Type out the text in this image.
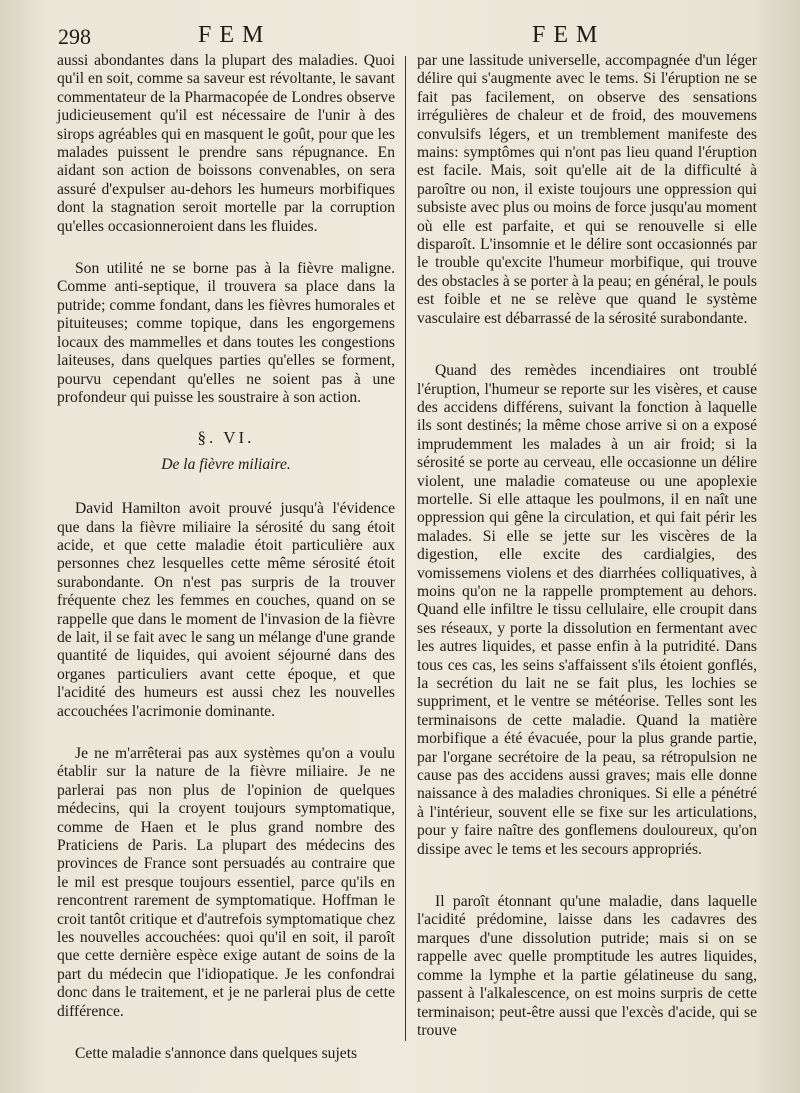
298	FEM	FEM

aussi abondantes dans la plupart des maladies. Quoi qu'il en soit, comme sa saveur est révoltante, le savant commentateur de la Pharmacopée de Londres observe judicieusement qu'il est nécessaire de l'unir à des sirops agréables qui en masquent le goût, pour que les malades puissent le prendre sans répugnance. En aidant son action de boissons convenables, on sera assuré d'expulser au-dehors les humeurs morbifiques dont la stagnation seroit mortelle par la corruption qu'elles occasionneroient dans les fluides.

Son utilité ne se borne pas à la fièvre maligne. Comme anti-septique, il trouvera sa place dans la putride; comme fondant, dans les fièvres humorales et pituiteuses; comme topique, dans les engorgemens locaux des mammelles et dans toutes les congestions laiteuses, dans quelques parties qu'elles se forment, pourvu cependant qu'elles ne soient pas à une profondeur qui puisse les soustraire à son action.

§. VI.
De la fièvre miliaire.

David Hamilton avoit prouvé jusqu'à l'évidence que dans la fièvre miliaire la sérosité du sang étoit acide, et que cette maladie étoit particulière aux personnes chez lesquelles cette même sérosité étoit surabondante. On n'est pas surpris de la trouver fréquente chez les femmes en couches, quand on se rappelle que dans le moment de l'invasion de la fièvre de lait, il se fait avec le sang un mélange d'une grande quantité de liquides, qui avoient séjourné dans des organes particuliers avant cette époque, et que l'acidité des humeurs est aussi chez les nouvelles accouchées l'acrimonie dominante.

Je ne m'arrêterai pas aux systèmes qu'on a voulu établir sur la nature de la fièvre miliaire. Je ne parlerai pas non plus de l'opinion de quelques médecins, qui la croyent toujours symptomatique, comme de Haen et le plus grand nombre des Praticiens de Paris. La plupart des médecins des provinces de France sont persuadés au contraire que le mil est presque toujours essentiel, parce qu'ils en rencontrent rarement de symptomatique. Hoffman le croit tantôt critique et d'autrefois symptomatique chez les nouvelles accouchées: quoi qu'il en soit, il paroît que cette dernière espèce exige autant de soins de la part du médecin que l'idiopatique. Je les confondrai donc dans le traitement, et je ne parlerai plus de cette différence.

Cette maladie s'annonce dans quelques sujets

par une lassitude universelle, accompagnée d'un léger délire qui s'augmente avec le tems. Si l'éruption ne se fait pas facilement, on observe des sensations irrégulières de chaleur et de froid, des mouvemens convulsifs légers, et un tremblement manifeste des mains: symptômes qui n'ont pas lieu quand l'éruption est facile. Mais, soit qu'elle ait de la difficulté à paroître ou non, il existe toujours une oppression qui subsiste avec plus ou moins de force jusqu'au moment où elle est parfaite, et qui se renouvelle si elle disparoît. L'insomnie et le délire sont occasionnés par le trouble qu'excite l'humeur morbifique, qui trouve des obstacles à se porter à la peau; en général, le pouls est foible et ne se relève que quand le système vasculaire est débarrassé de la sérosité surabondante.

Quand des remèdes incendiaires ont troublé l'éruption, l'humeur se reporte sur les visères, et cause des accidens différens, suivant la fonction à laquelle ils sont destinés; la même chose arrive si on a exposé imprudemment les malades à un air froid; si la sérosité se porte au cerveau, elle occasionne un délire violent, une maladie comateuse ou une apoplexie mortelle. Si elle attaque les poulmons, il en naît une oppression qui gêne la circulation, et qui fait périr les malades. Si elle se jette sur les viscères de la digestion, elle excite des cardialgies, des vomissemens violens et des diarrhées colliquatives, à moins qu'on ne la rappelle promptement au dehors. Quand elle infiltre le tissu cellulaire, elle croupit dans ses réseaux, y porte la dissolution en fermentant avec les autres liquides, et passe enfin à la putridité. Dans tous ces cas, les seins s'affaissent s'ils étoient gonflés, la secrétion du lait ne se fait plus, les lochies se suppriment, et le ventre se météorise. Telles sont les terminaisons de cette maladie. Quand la matière morbifique a été évacuée, pour la plus grande partie, par l'organe secrétoire de la peau, sa rétropulsion ne cause pas des accidens aussi graves; mais elle donne naissance à des maladies chroniques. Si elle a pénétré à l'intérieur, souvent elle se fixe sur les articulations, pour y faire naître des gonflemens douloureux, qu'on dissipe avec le tems et les secours appropriés.

Il paroît étonnant qu'une maladie, dans laquelle l'acidité prédomine, laisse dans les cadavres des marques d'une dissolution putride; mais si on se rappelle avec quelle promptitude les autres liquides, comme la lymphe et la partie gélatineuse du sang, passent à l'alkalescence, on est moins surpris de cette terminaison; peut-être aussi que l'excès d'acide, qui se trouve
